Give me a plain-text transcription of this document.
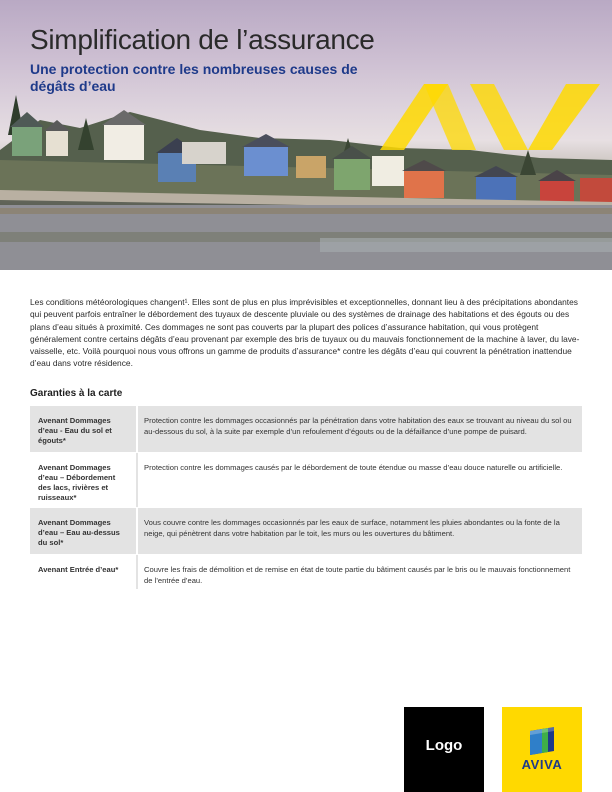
Simplification de l’assurance
Une protection contre les nombreuses causes de dégâts d’eau

Les conditions météorologiques changent¹. Elles sont de plus en plus imprévisibles et exceptionnelles, donnant lieu à des précipitations abondantes qui peuvent parfois entraîner le débordement des tuyaux de descente pluviale ou des systèmes de drainage des habitations et des égouts ou des plans d’eau situés à proximité. Ces dommages ne sont pas couverts par la plupart des polices d’assurance habitation, qui vous protègent généralement contre certains dégâts d’eau provenant par exemple des bris de tuyaux ou du mauvais fonctionnement de la machine à laver, du lave-vaisselle, etc. Voilà pourquoi nous vous offrons un gamme de produits d’assurance* contre les dégâts d’eau qui couvrent la pénétration inattendue d’eau dans votre résidence.

Garanties à la carte
Avenant Dommages d’eau - Eau du sol et égouts*
Protection contre les dommages occasionnés par la pénétration dans votre habitation des eaux se trouvant au niveau du sol ou au-dessous du sol, à la suite par exemple d’un refoulement d’égouts ou de la défaillance d’une pompe de puisard.
Avenant Dommages d’eau – Débordement des lacs, rivières et ruisseaux*
Protection contre les dommages causés par le débordement de toute étendue ou masse d’eau douce naturelle ou artificielle.
Avenant Dommages d’eau – Eau au-dessus du sol*
Vous couvre contre les dommages occasionnés par les eaux de surface, notamment les pluies abondantes ou la fonte de la neige, qui pénètrent dans votre habitation par le toit, les murs ou les ouvertures du bâtiment.
Avenant Entrée d’eau*	Couvre les frais de démolition et de remise en état de toute partie du bâtiment causés par le bris ou le mauvais fonctionnement de l’entrée d’eau.
Logo
AVIVA
